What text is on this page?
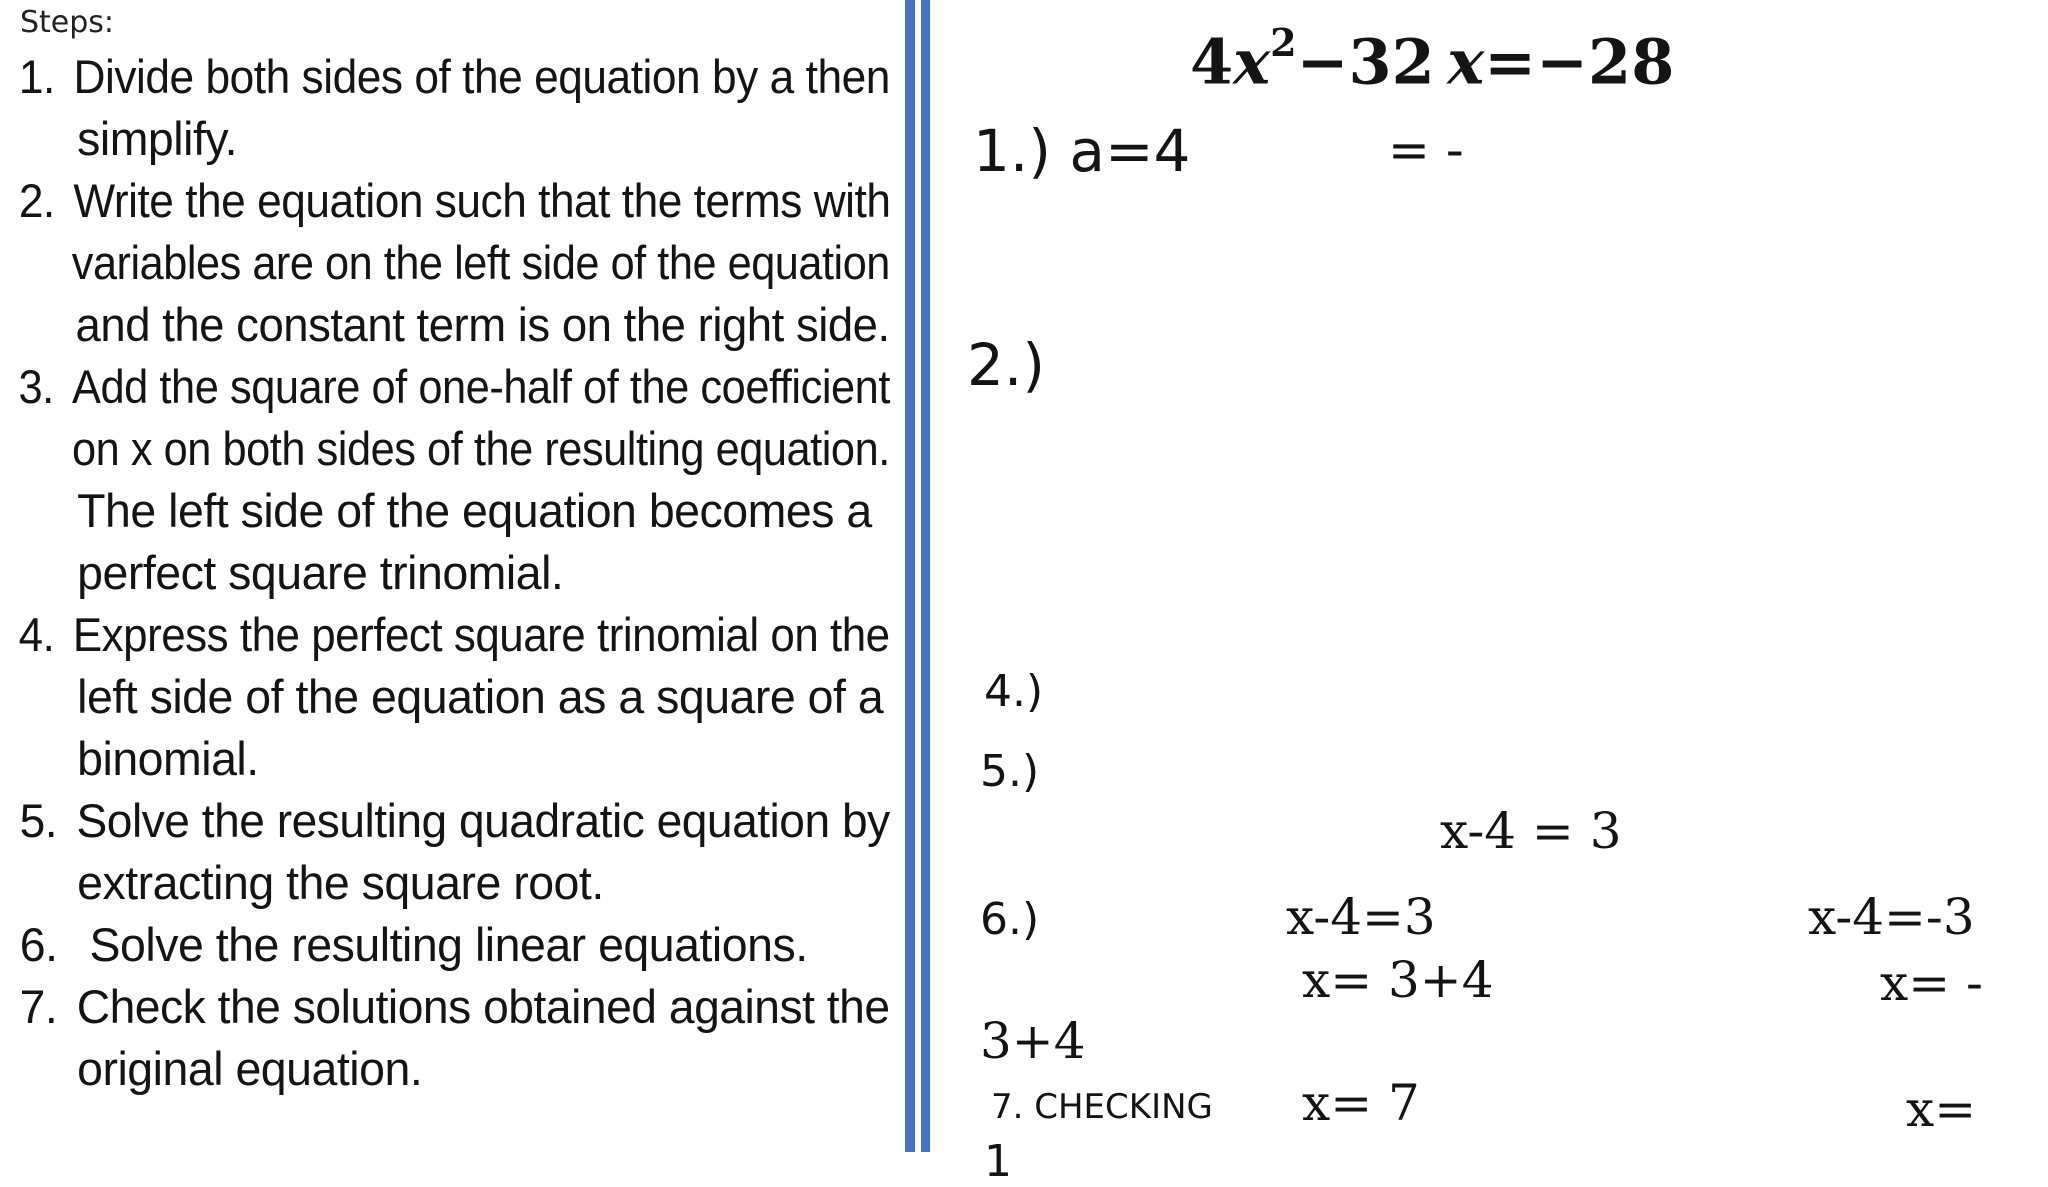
Steps:
1. Divide both sides of the equation by a then
simplify.
2. Write the equation such that the terms with
variables are on the left side of the equation
and the constant term is on the right side.
3. Add the square of one-half of the coefficient
on x on both sides of the resulting equation.
The left side of the equation becomes a
perfect square trinomial.
4. Express the perfect square trinomial on the
left side of the equation as a square of a
binomial.
5. Solve the resulting quadratic equation by
extracting the square root.
6. Solve the resulting linear equations.
7. Check the solutions obtained against the
original equation.
$4x^2-32$  x=−28
1.) a=4	= -
2.)
4.)
5.)
x-4 = 3
6.)	x-4=3	x-4=-3
x= 3+4	x= -
3+4
7. CHECKING x= 7	x=
1
